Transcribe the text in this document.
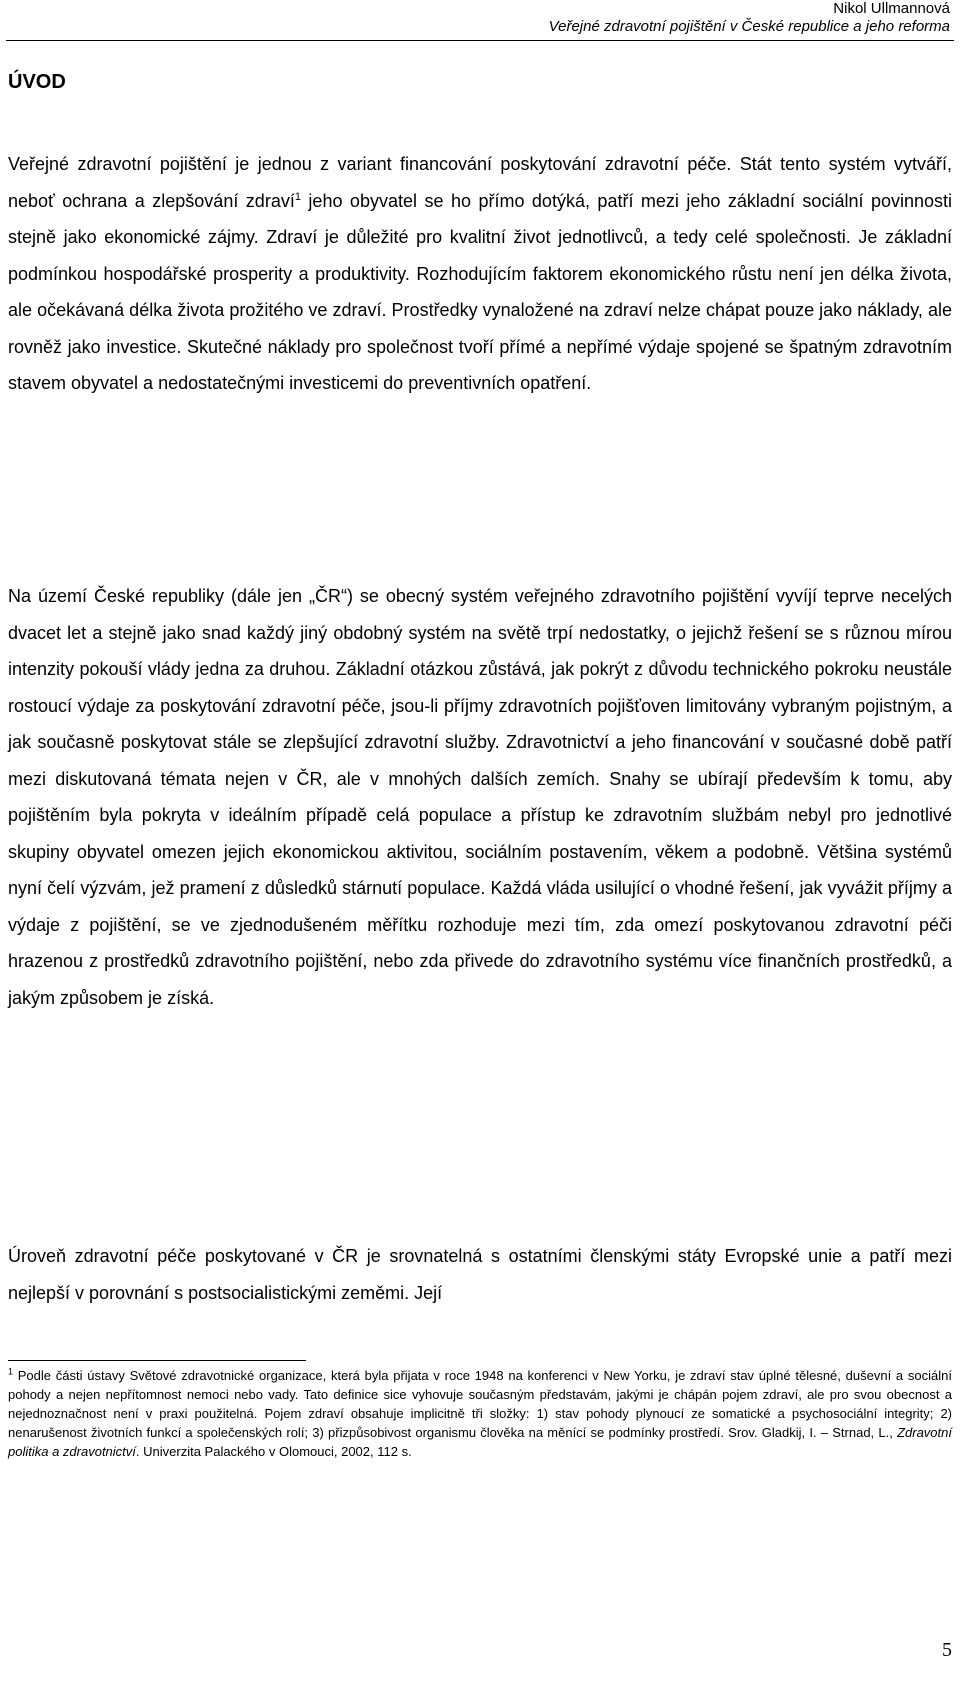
Nikol Ullmannová
Veřejné zdravotní pojištění v České republice a jeho reforma
ÚVOD

Veřejné zdravotní pojištění je jednou z variant financování poskytování zdravotní péče. Stát tento systém vytváří, neboť ochrana a zlepšování zdraví$^1$ jeho obyvatel se ho přímo dotýká, patří mezi jeho základní sociální povinnosti stejně jako ekonomické zájmy. Zdraví je důležité pro kvalitní život jednotlivců, a tedy celé společnosti. Je základní podmínkou hospodářské prosperity a produktivity. Rozhodujícím faktorem ekonomického růstu není jen délka života, ale očekávaná délka života prožitého ve zdraví. Prostředky vynaložené na zdraví nelze chápat pouze jako náklady, ale rovněž jako investice. Skutečné náklady pro společnost tvoří přímé a nepřímé výdaje spojené se špatným zdravotním stavem obyvatel a nedostatečnými investicemi do preventivních opatření.

Na území České republiky (dále jen „ČR“) se obecný systém veřejného zdravotního pojištění vyvíjí teprve necelých dvacet let a stejně jako snad každý jiný obdobný systém na světě trpí nedostatky, o jejichž řešení se s různou mírou intenzity pokouší vlády jedna za druhou. Základní otázkou zůstává, jak pokrýt z důvodu technického pokroku neustále rostoucí výdaje za poskytování zdravotní péče, jsou-li příjmy zdravotních pojišťoven limitovány vybraným pojistným, a jak současně poskytovat stále se zlepšující zdravotní služby. Zdravotnictví a jeho financování v současné době patří mezi diskutovaná témata nejen v ČR, ale v mnohých dalších zemích. Snahy se ubírají především k tomu, aby pojištěním byla pokryta v ideálním případě celá populace a přístup ke zdravotním službám nebyl pro jednotlivé skupiny obyvatel omezen jejich ekonomickou aktivitou, sociálním postavením, věkem a podobně. Většina systémů nyní čelí výzvám, jež pramení z důsledků stárnutí populace. Každá vláda usilující o vhodné řešení, jak vyvážit příjmy a výdaje z pojištění, se ve zjednodušeném měřítku rozhoduje mezi tím, zda omezí poskytovanou zdravotní péči hrazenou z prostředků zdravotního pojištění, nebo zda přivede do zdravotního systému více finančních prostředků, a jakým způsobem je získá.

Úroveň zdravotní péče poskytované v ČR je srovnatelná s ostatními členskými státy Evropské unie a patří mezi nejlepší v porovnání s postsocialistickými zeměmi. Její

$^1$ Podle části ústavy Světové zdravotnické organizace, která byla přijata v roce 1948 na konferenci v New Yorku, je zdraví stav úplné tělesné, duševní a sociální pohody a nejen nepřítomnost nemoci nebo vady. Tato definice sice vyhovuje současným představám, jakými je chápán pojem zdraví, ale pro svou obecnost a nejednoznačnost není v praxi použitelná. Pojem zdraví obsahuje implicitně tři složky: 1) stav pohody plynoucí ze somatické a psychosociální integrity; 2) nenarušenost životních funkcí a společenských rolí; 3) přizpůsobivost organismu člověka na měnící se podmínky prostředí. Srov. Gladkij, I. – Strnad, L., Zdravotní politika a zdravotnictví. Univerzita Palackého v Olomouci, 2002, 112 s.

5
